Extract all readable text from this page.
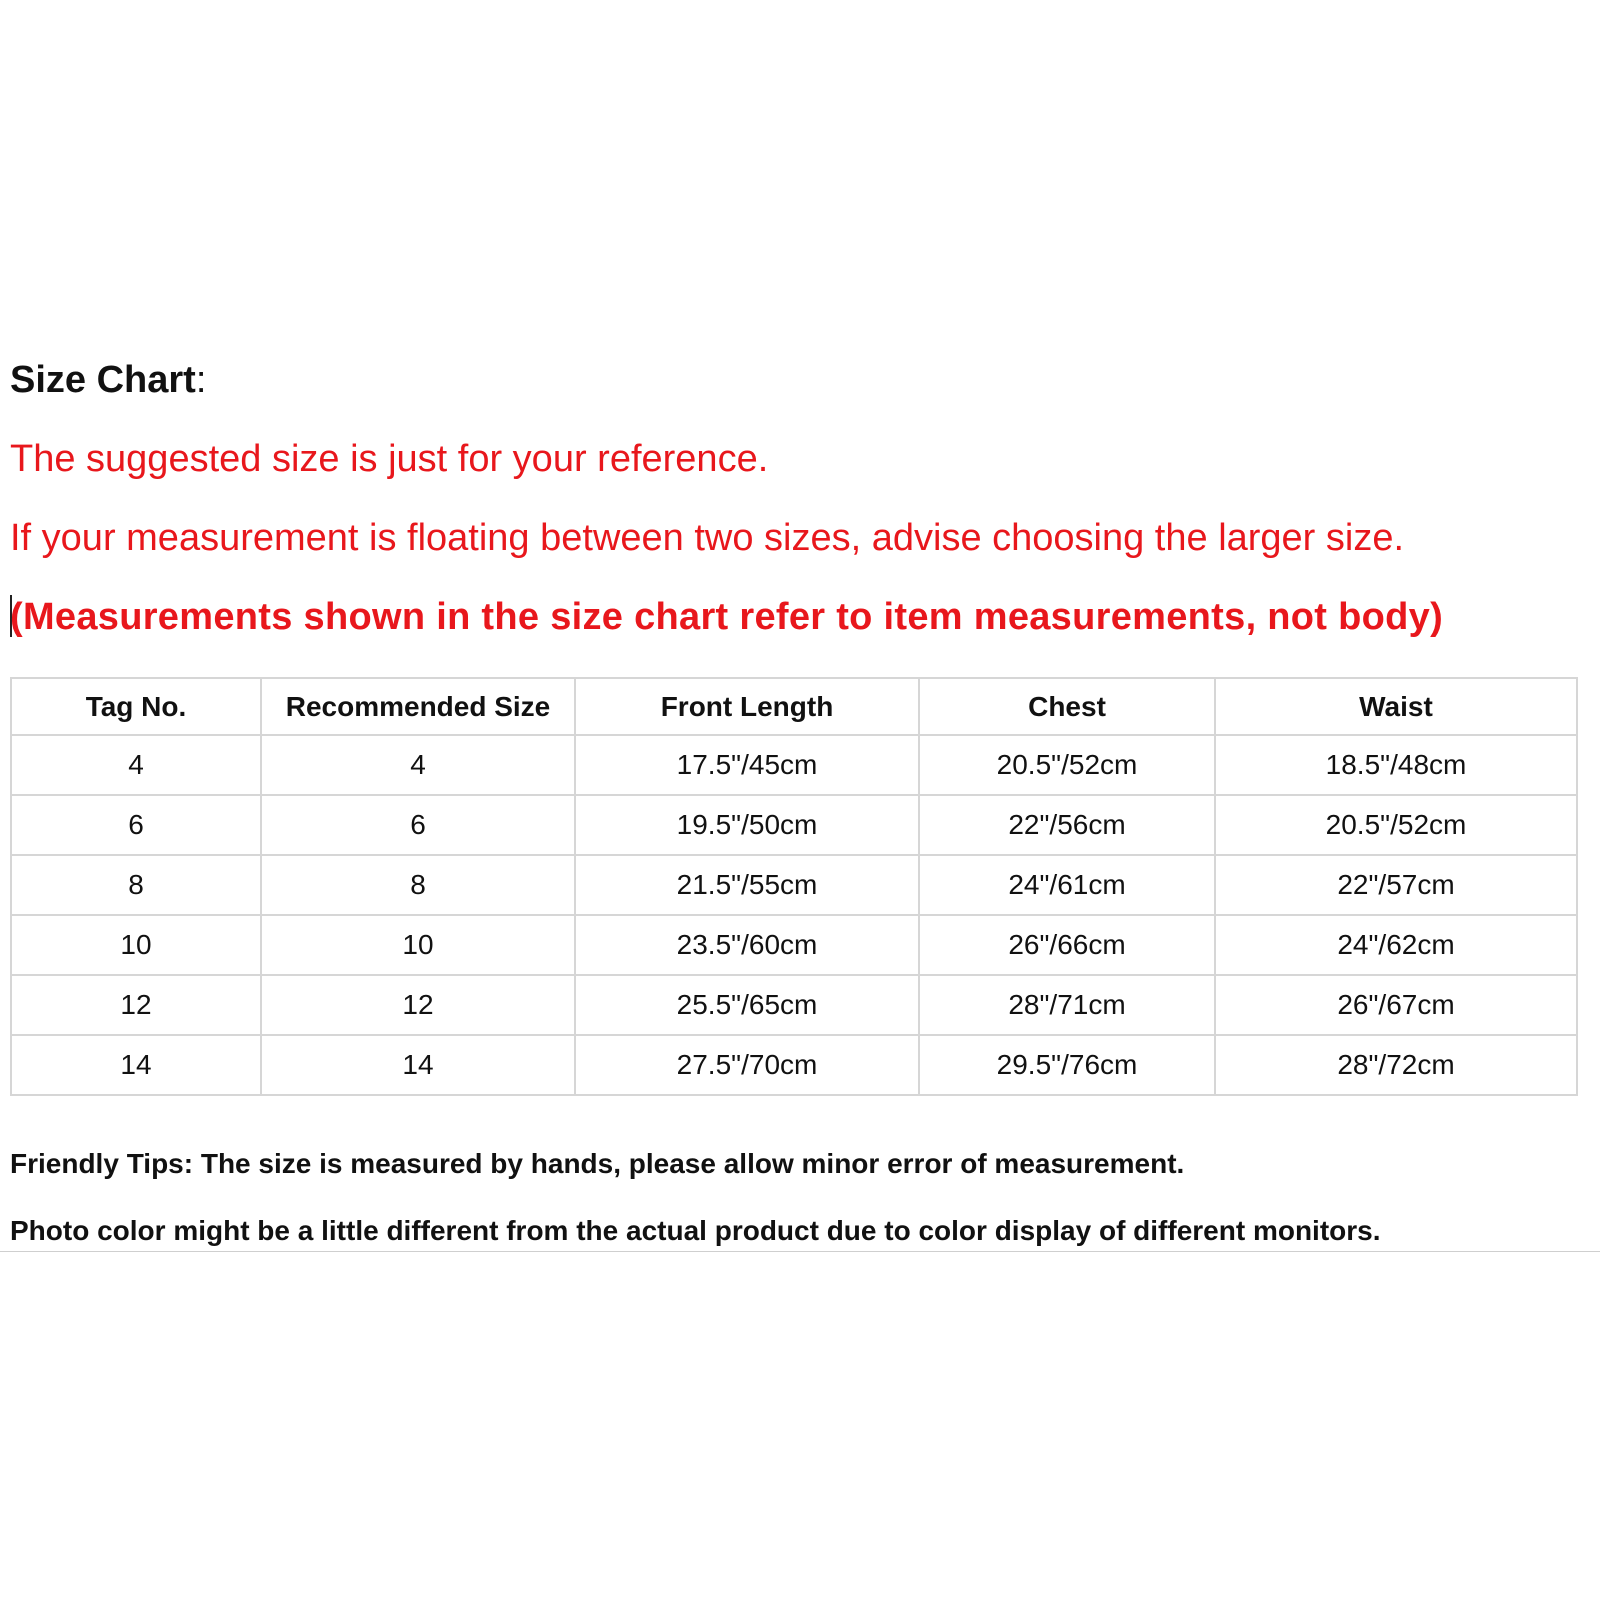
Size Chart:
The suggested size is just for your reference.
If your measurement is floating between two sizes, advise choosing the larger size.
(Measurements shown in the size chart refer to item measurements, not body)
Tag No.	Recommended Size	Front Length	Chest	Waist
4	4	17.5"/45cm	20.5"/52cm	18.5"/48cm
6	6	19.5"/50cm	22"/56cm	20.5"/52cm
8	8	21.5"/55cm	24"/61cm	22"/57cm
10	10	23.5"/60cm	26"/66cm	24"/62cm
12	12	25.5"/65cm	28"/71cm	26"/67cm
14	14	27.5"/70cm	29.5"/76cm	28"/72cm
Friendly Tips: The size is measured by hands, please allow minor error of measurement.
Photo color might be a little different from the actual product due to color display of different monitors.
